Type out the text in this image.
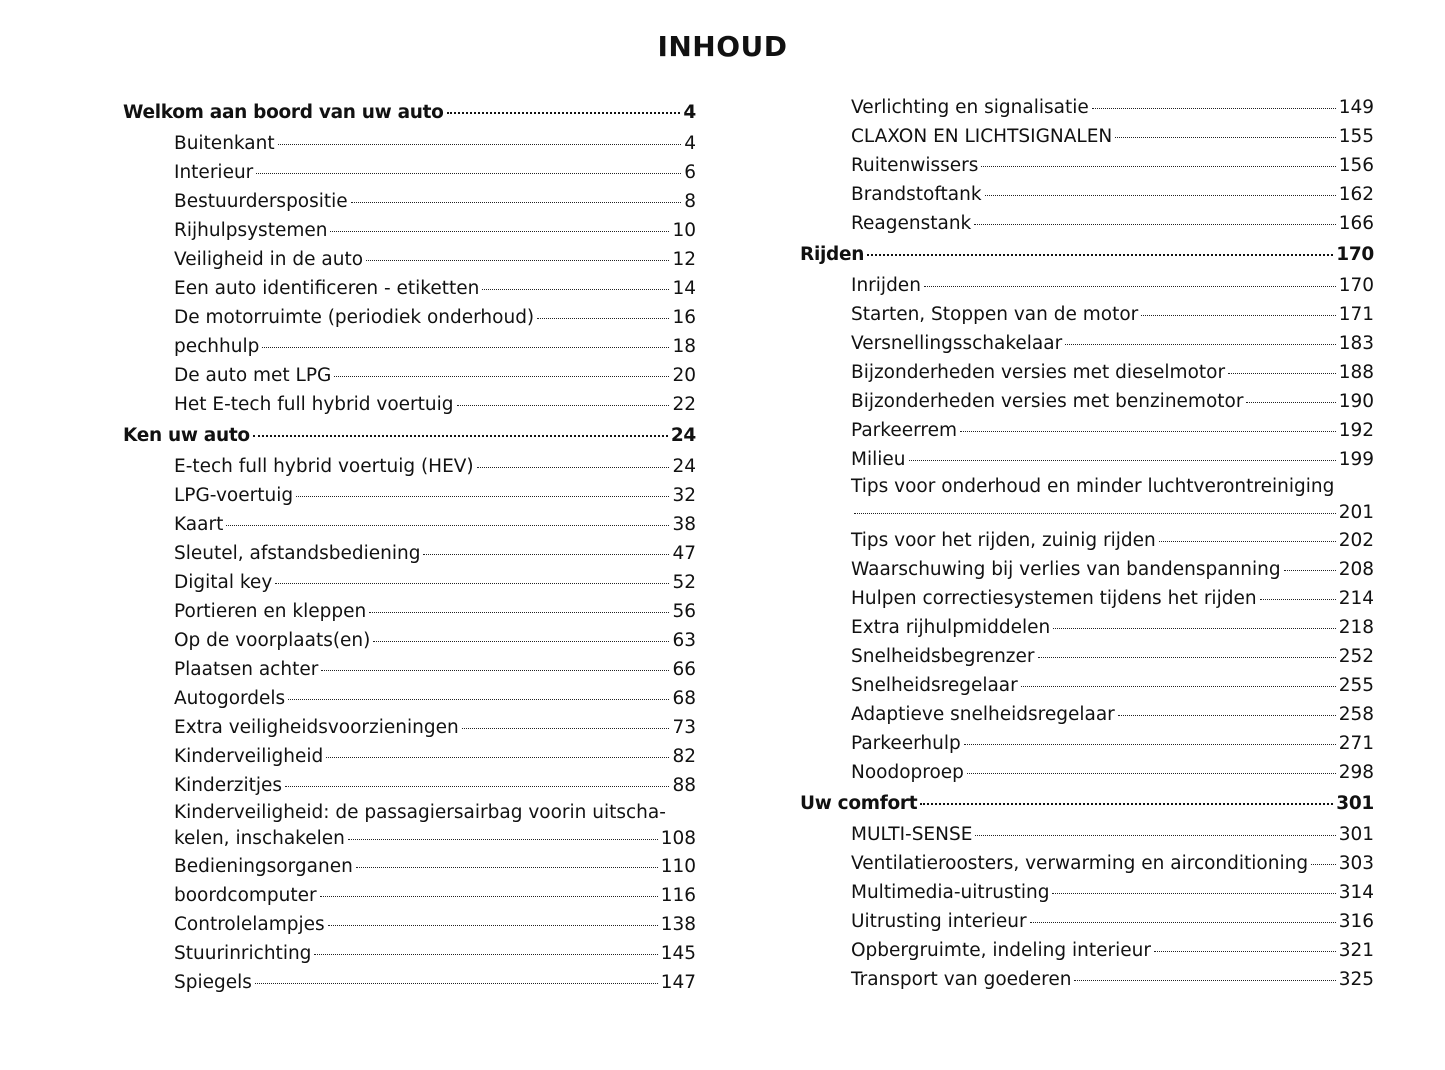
INHOUD
Welkom aan boord van uw auto	4
Buitenkant	4
Interieur	6
Bestuurderspositie	8
Rijhulpsystemen	10
Veiligheid in de auto	12
Een auto identificeren - etiketten	14
De motorruimte (periodiek onderhoud)	16
pechhulp	18
De auto met LPG	20
Het E-tech full hybrid voertuig	22
Ken uw auto	24
E-tech full hybrid voertuig (HEV)	24
LPG-voertuig	32
Kaart	38
Sleutel, afstandsbediening	47
Digital key	52
Portieren en kleppen	56
Op de voorplaats(en)	63
Plaatsen achter	66
Autogordels	68
Extra veiligheidsvoorzieningen	73
Kinderveiligheid	82
Kinderzitjes	88
Kinderveiligheid: de passagiersairbag voorin uitscha-
kelen, inschakelen	108
Bedieningsorganen	110
boordcomputer	116
Controlelampjes	138
Stuurinrichting	145
Spiegels	147
Verlichting en signalisatie	149
CLAXON EN LICHTSIGNALEN	155
Ruitenwissers	156
Brandstoftank	162
Reagenstank	166
Rijden	170
Inrijden	170
Starten, Stoppen van de motor	171
Versnellingsschakelaar	183
Bijzonderheden versies met dieselmotor	188
Bijzonderheden versies met benzinemotor	190
Parkeerrem	192
Milieu	199
Tips voor onderhoud en minder luchtverontreiniging
201
Tips voor het rijden, zuinig rijden	202
Waarschuwing bij verlies van bandenspanning	208
Hulpen correctiesystemen tijdens het rijden	214
Extra rijhulpmiddelen	218
Snelheidsbegrenzer	252
Snelheidsregelaar	255
Adaptieve snelheidsregelaar	258
Parkeerhulp	271
Noodoproep	298
Uw comfort	301
MULTI-SENSE	301
Ventilatieroosters, verwarming en airconditioning 303
Multimedia-uitrusting	314
Uitrusting interieur	316
Opbergruimte, indeling interieur	321
Transport van goederen	325
